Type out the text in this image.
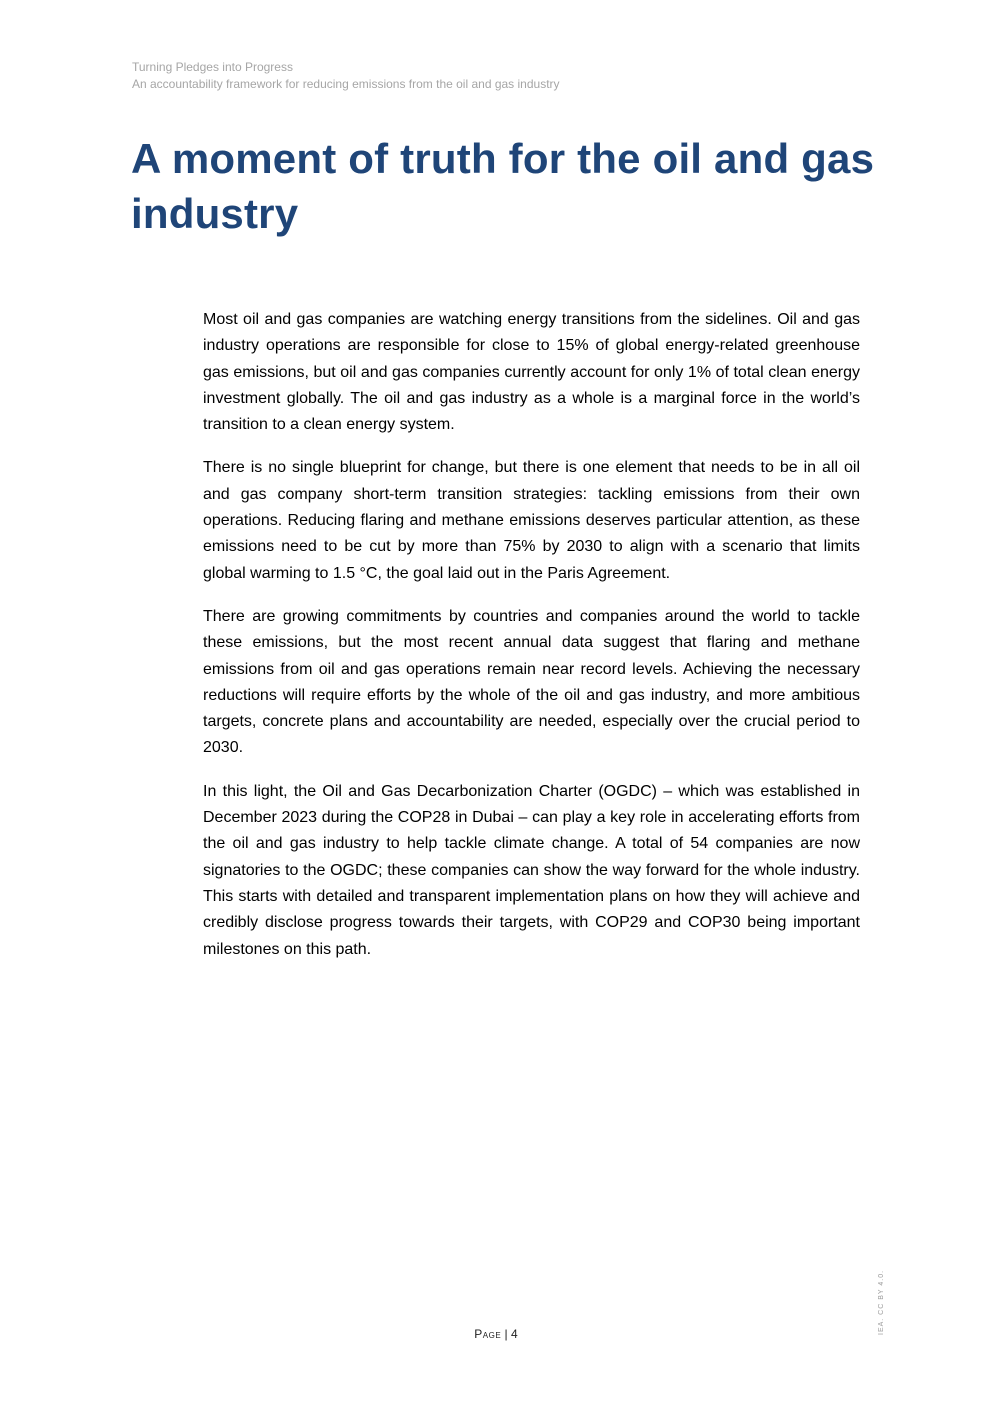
Turning Pledges into Progress
An accountability framework for reducing emissions from the oil and gas industry
A moment of truth for the oil and gas industry

Most oil and gas companies are watching energy transitions from the sidelines. Oil and gas industry operations are responsible for close to 15% of global energy-related greenhouse gas emissions, but oil and gas companies currently account for only 1% of total clean energy investment globally. The oil and gas industry as a whole is a marginal force in the world’s transition to a clean energy system.

There is no single blueprint for change, but there is one element that needs to be in all oil and gas company short-term transition strategies: tackling emissions from their own operations. Reducing flaring and methane emissions deserves particular attention, as these emissions need to be cut by more than 75% by 2030 to align with a scenario that limits global warming to 1.5 °C, the goal laid out in the Paris Agreement.

There are growing commitments by countries and companies around the world to tackle these emissions, but the most recent annual data suggest that flaring and methane emissions from oil and gas operations remain near record levels. Achieving the necessary reductions will require efforts by the whole of the oil and gas industry, and more ambitious targets, concrete plans and accountability are needed, especially over the crucial period to 2030.

In this light, the Oil and Gas Decarbonization Charter (OGDC) – which was established in December 2023 during the COP28 in Dubai – can play a key role in accelerating efforts from the oil and gas industry to help tackle climate change. A total of 54 companies are now signatories to the OGDC; these companies can show the way forward for the whole industry. This starts with detailed and transparent implementation plans on how they will achieve and credibly disclose progress towards their targets, with COP29 and COP30 being important milestones on this path.

IEA. CC BY 4.0.
Page | 4
